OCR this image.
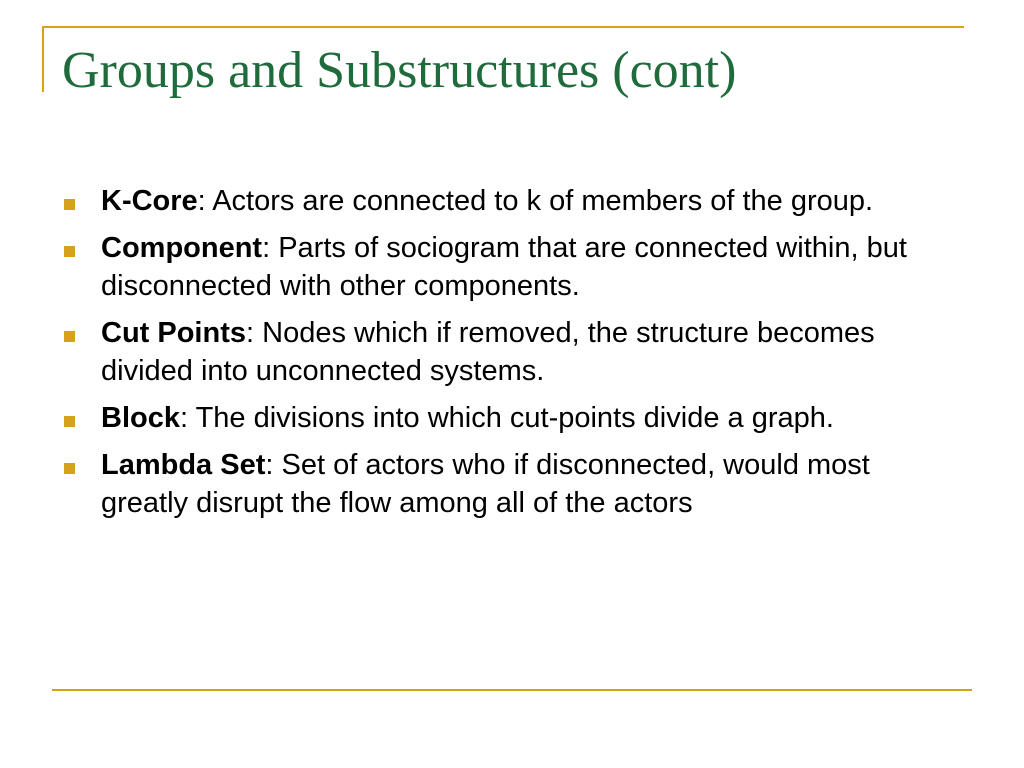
Groups and Substructures (cont)
K-Core: Actors are connected to k of members of the group.
Component: Parts of sociogram that are connected within, but disconnected with other components.
Cut Points: Nodes which if removed, the structure becomes divided into unconnected systems.
Block: The divisions into which cut-points divide a graph.
Lambda Set: Set of actors who if disconnected, would most greatly disrupt the flow among all of the actors
